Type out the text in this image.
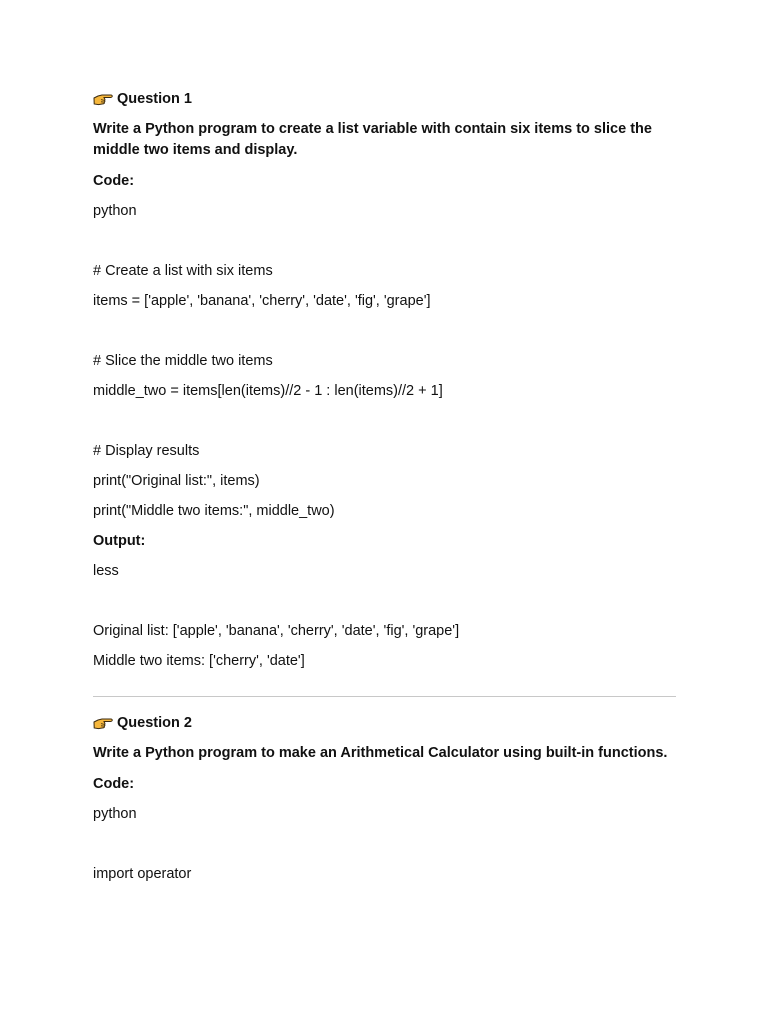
Question 1
Write a Python program to create a list variable with contain six items to slice the middle two items and display.
Code:
python
# Create a list with six items
items = ['apple', 'banana', 'cherry', 'date', 'fig', 'grape']
# Slice the middle two items
middle_two = items[len(items)//2 - 1 : len(items)//2 + 1]
# Display results
print("Original list:", items)
print("Middle two items:", middle_two)
Output:
less
Original list: ['apple', 'banana', 'cherry', 'date', 'fig', 'grape']
Middle two items: ['cherry', 'date']
Question 2
Write a Python program to make an Arithmetical Calculator using built-in functions.
Code:
python
import operator
